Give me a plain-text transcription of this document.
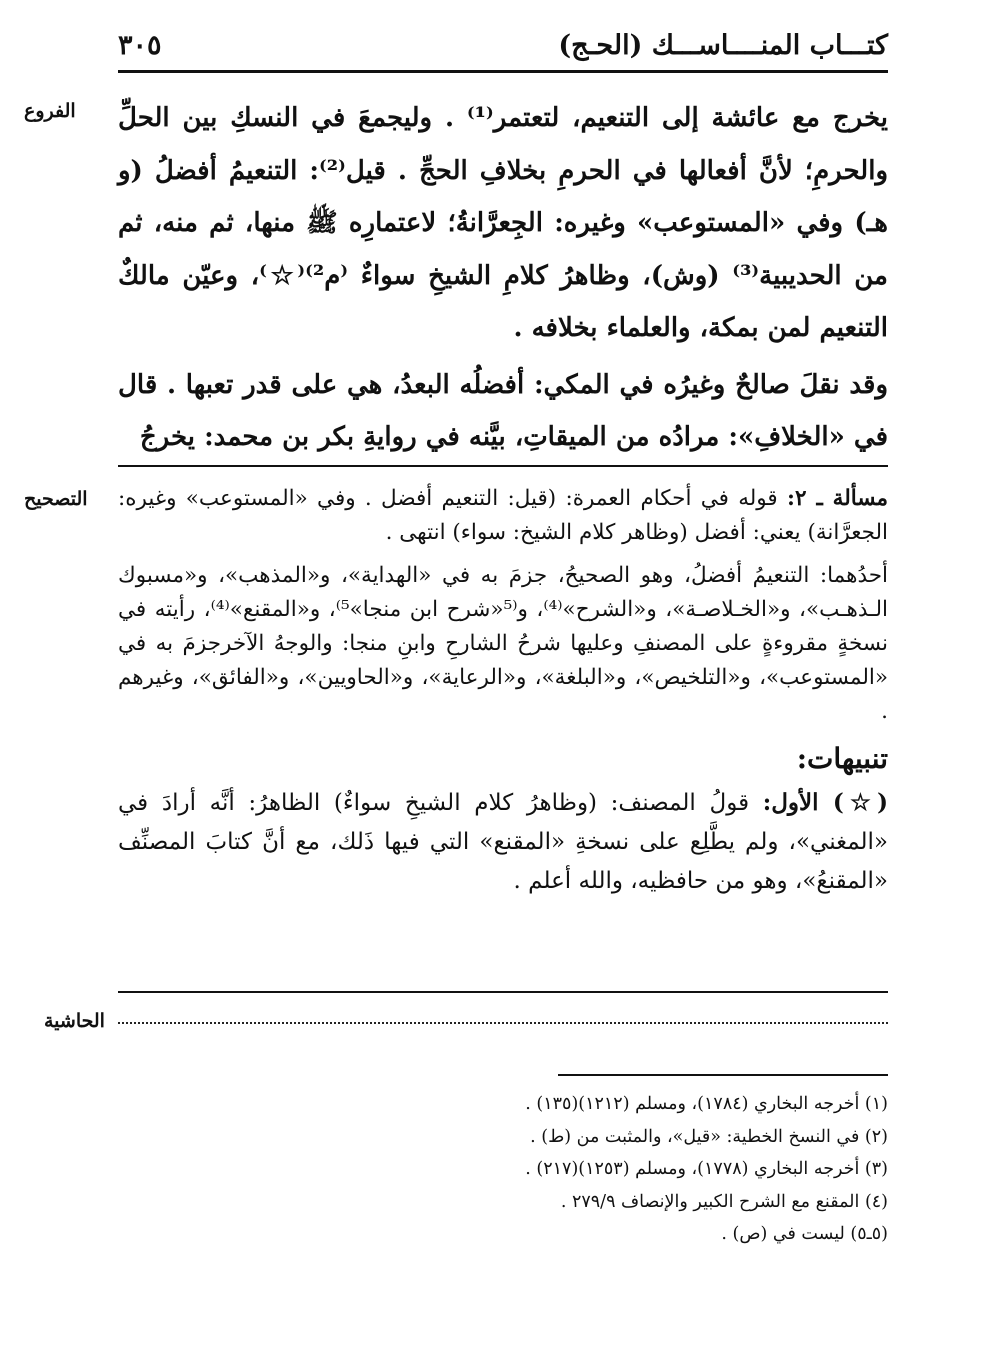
كتـــاب المنــــاســـك (الحـج)
٣٠٥
الفروع
التصحيح
الحاشية

يخرج مع عائشة إلى التنعيم، لتعتمر⁽¹⁾ . وليجمعَ في النسكِ بين الحلِّ والحرمِ؛ لأنَّ أفعالها في الحرمِ بخلافِ الحجِّ . قيل⁽²⁾: التنعيمُ أفضلُ (و هـ) وفي «المستوعب» وغيره: الجِعرَّانةُ؛ لاعتمارِه ﷺ منها، ثم منه، ثم من الحديبية⁽³⁾ (وش)، وظاهرُ كلامِ الشيخِ سواءٌ ⁽م²⁾⁽☆⁾، وعيّن مالكٌ التنعيم لمن بمكة، والعلماء بخلافه .

وقد نقلَ صالحٌ وغيرُه في المكي: أفضلُه البعدُ، هي على قدر تعبها . قال في «الخلافِ»: مرادُه من الميقاتِ، بيَّنه في روايةِ بكر بن محمد: يخرجُ

مسألة ـ ٢: قوله في أحكام العمرة: (قيل: التنعيم أفضل . وفي «المستوعب» وغيره: الجعرَّانة) يعني: أفضل (وظاهر كلام الشيخ: سواء) انتهى .

أحدُهما: التنعيمُ أفضلُ، وهو الصحيحُ، جزمَ به في «الهداية»، و«المذهب»، و«مسبوك الـذهـب»، و«الخـلاصـة»، و«الشرح»⁽⁴⁾، و⁽⁵«شرح ابن منجا»⁵⁾، و«المقنع»⁽⁴⁾، رأيته في نسخةٍ مقروءةٍ على المصنفِ وعليها شرحُ الشارحِ وابنِ منجا: والوجهُ الآخرجزمَ به في «المستوعب»، و«التلخيص»، و«البلغة»، و«الرعاية»، و«الحاويين»، و«الفائق»، وغيرهم .

تنبيهات:

(☆) الأول: قولُ المصنف: (وظاهرُ كلام الشيخِ سواءٌ) الظاهرُ: أنَّه أرادَ في «المغني»، ولم يطَّلِع على نسخةِ «المقنع» التي فيها ذَلك، مع أنَّ كتابَ المصنِّف «المقنعُ»، وهو من حافظيه، والله أعلم .

(١) أخرجه البخاري (١٧٨٤)، ومسلم (١٢١٢)(١٣٥) .
(٢) في النسخ الخطية: «قيل»، والمثبت من (ط) .
(٣) أخرجه البخاري (١٧٧٨)، ومسلم (١٢٥٣)(٢١٧) .
(٤) المقنع مع الشرح الكبير والإنصاف ٢٧٩/٩ .
(٥ـ٥) ليست في (ص) .
